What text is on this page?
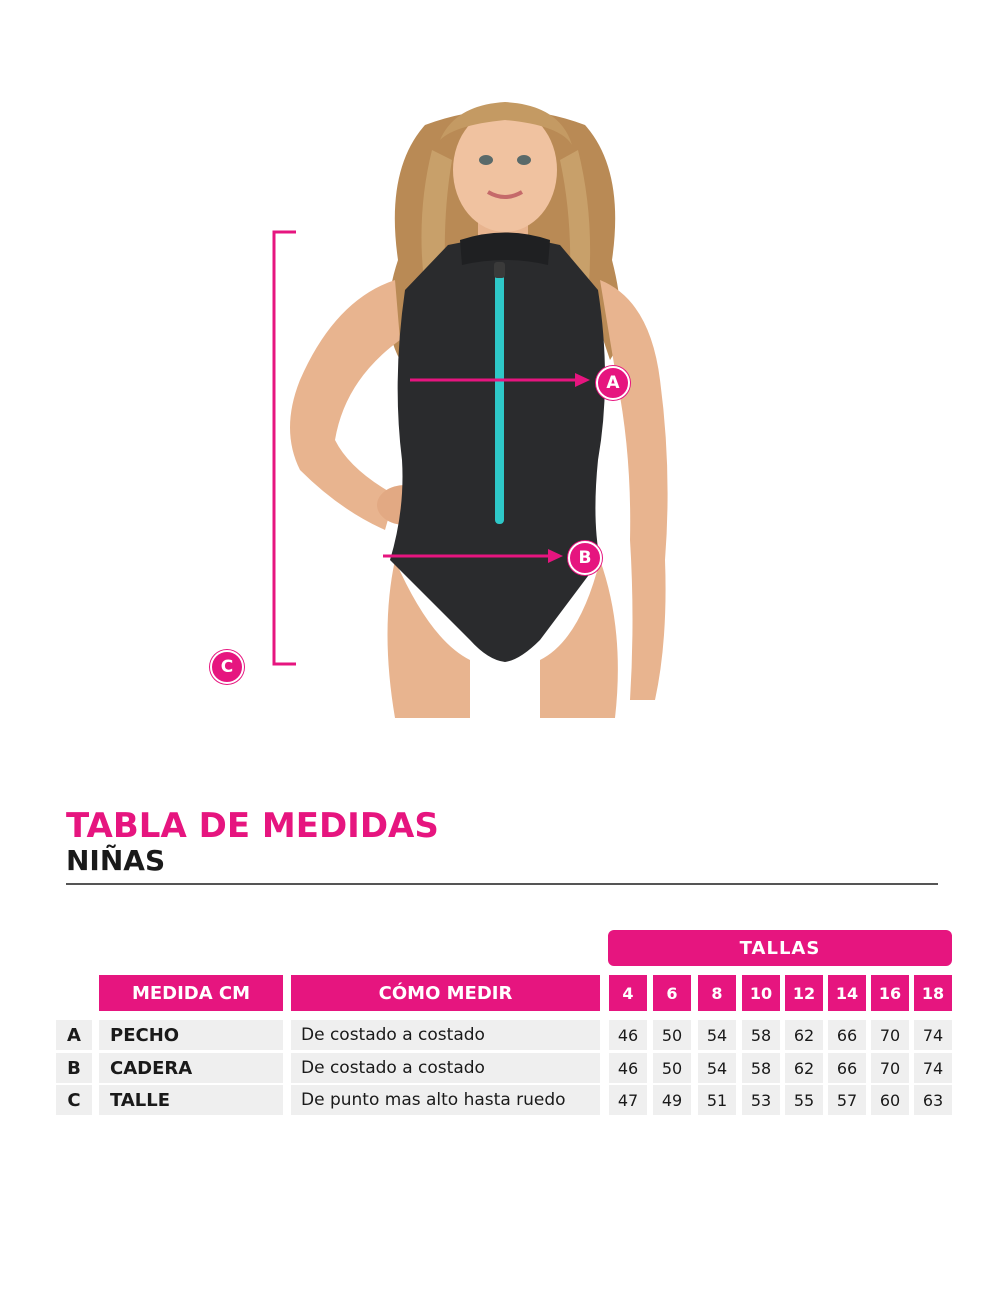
A
B
C
TABLA DE MEDIDAS
NIÑAS
TALLAS
MEDIDA CM	CÓMO MEDIR	4	6	8	10	12	14	16	18
A	PECHO	De costado a costado	46	50	54	58	62	66	70	74
B	CADERA	De costado a costado	46	50	54	58	62	66	70	74
C	TALLE	De punto mas alto hasta ruedo	47	49	51	53	55	57	60	63
